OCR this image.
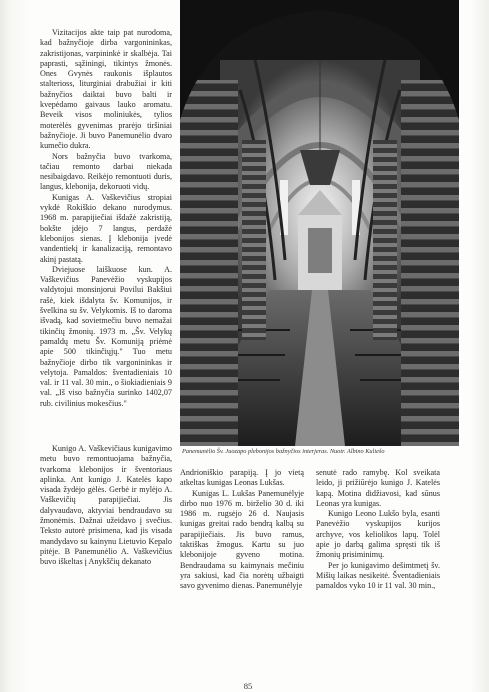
Vizitacijos akte taip pat nurodoma, kad bažnyčioje dirba vargonininkas, zakristijonas, varpininkė ir skalbėja. Tai paprasti, sąžiningi, tikintys žmonės. Ones Gvynės raukonis išplautos stalterioss, liturginiai drabužiai ir kiti bažnyčios daiktai buvo balti ir kvepėdamo gaivaus lauko aromatu. Beveik visos moliniukės, tylios moterėlės gyvenimas prarėjo tiršiniai bažnyčioje. Ji buvo Panemunėlio dvaro kumečio dukra.

Nors bažnyčia buvo tvarkoma, tačiau remonto darbai niekada nesibaigdavo. Reikėjo remontuoti duris, langus, klebonija, dekoruoti vidų.

Kunigas A. Vaškevičius stropiai vykdė Rokiškio dekano nurodymus. 1968 m. parapijiečiai išdažė zakristiją, bokšte įdėjo 7 langus, perdažė klebonijos sienas. Į klebonija įvedė vandentiekį ir kanalizaciją, remontavo akinį pastatą.

Dviejuose laiškuose kun. A. Vaškevičius Panevėžio vyskupijos valdytojui monsinjorui Povilui Bakšiui rašė, kiek išdalyta šv. Komunijos, ir švelkina su šv. Velykomis. Iš to daroma išvadą, kad sovietmečiu buvo nemažai tikinčių žmonių. 1973 m. „Šv. Velykų pamaldų metu Šv. Komuniją priėmė apie 500 tikinčiųjų." Tuo metu bažnyčioje dirbo tik vargonininkas ir velytoja. Pamaldos: šventadieniais 10 val. ir 11 val. 30 min., o šiokiadieniais 9 val. „Iš viso bažnyčia surinko 1402,07 rub. civilinius mokesčius."

Panemunėlio Šv. Juozapo plebonijos bažnyčios interjeras. Nuotr. Albino Kuliešo

Kunigo A. Vaškevičiaus kunigavimo metu buvo remontuojama bažnyčia, tvarkoma klebonijos ir šventoriaus aplinka. Ant kunigo J. Katelės kapo visada žydėjo gėlės. Gerbė ir mylėjo A. Vaškevičių parapijiečiai. Jis dalyvaudavo, aktyviai bendraudavo su žmonėmis. Dažnai užeidavo į svečius. Teksto autorė prisimena, kad jis visada mandydavo su kainynu Lietuvio Kepalo pitėje. B Panemunėlio A. Vaškevičius buvo iškeltas į Anykščių dekanato

Andrioniškio parapiją. Į jo vietą atkeltas kunigas Leonas Lukšas.

Kunigas L. Lukšas Panemunėlyje dirbo nuo 1976 m. birželio 30 d. iki 1986 m. rugsėjo 26 d. Naujasis kunigas greitai rado bendrą kalbą su parapijiečiais. Jis buvo ramus, taktiškas žmogus. Kartu su juo klebonijoje gyveno motina. Bendraudama su kaimynais mečiniu yra sakiusi, kad čia norėtų užbaigti savo gyvenimo dienas. Panemunėlyje

senutė rado ramybę. Kol sveikata leido, ji prižiūrėjo kunigo J. Katelės kapą. Motina didžiavosi, kad sūnus Leonas yra kunigas.

Kunigo Leono Lukšo byla, esanti Panevėžio vyskupijos kurijos archyve, vos keliolikos lapų. Tolėl apie jo darbą galima spręsti tik iš žmonių prisiminimų.

Per jo kunigavimo dešimtmetį šv. Mišių laikas nesikeitė. Šventadieniais pamaldos vyko 10 ir 11 val. 30 min.,

85
